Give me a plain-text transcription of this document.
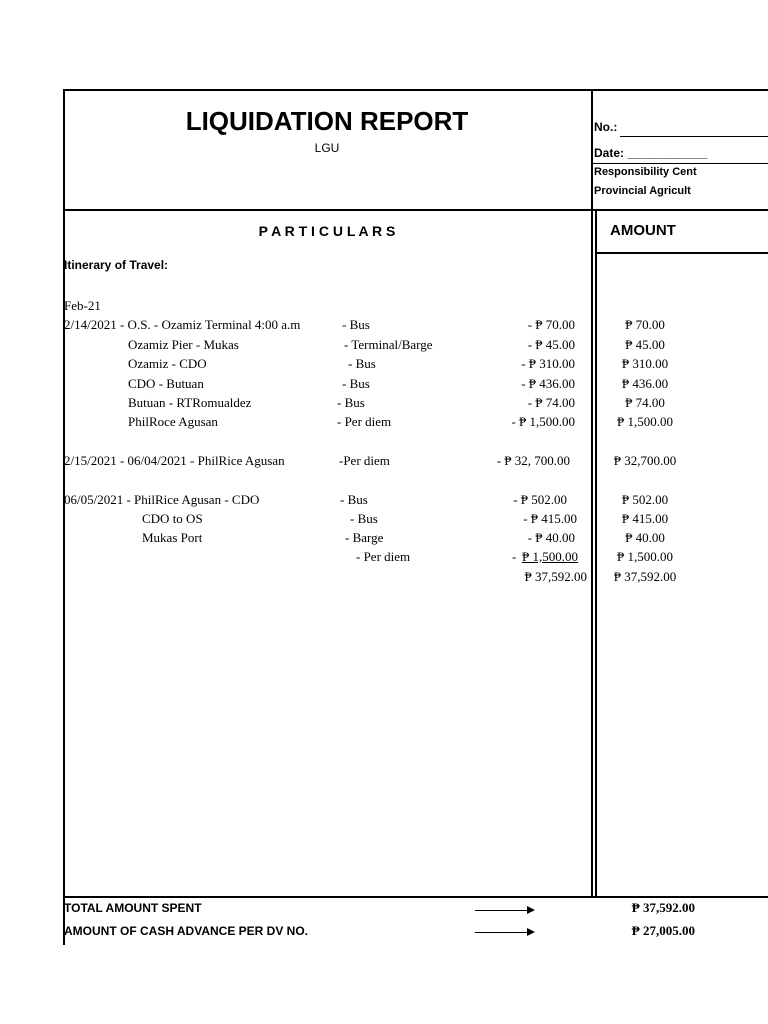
LIQUIDATION REPORT
LGU
No.:
Date: ____________
Responsibility Cent
Provincial Agricult
P A R T I C U L A R S	AMOUNT
Itinerary of Travel:
Feb-21
2/14/2021 - O.S. - Ozamiz Terminal 4:00 a.m	- Bus	- ₱ 70.00	₱ 70.00
Ozamiz Pier - Mukas	- Terminal/Barge	- ₱ 45.00	₱ 45.00
Ozamiz - CDO	- Bus	- ₱ 310.00	₱ 310.00
CDO - Butuan	- Bus	- ₱ 436.00	₱ 436.00
Butuan - RTRomualdez	- Bus	- ₱ 74.00	₱ 74.00
PhilRoce Agusan	- Per diem	- ₱ 1,500.00	₱ 1,500.00
2/15/2021 - 06/04/2021 - PhilRice Agusan	-Per diem	- ₱ 32, 700.00	₱ 32,700.00
06/05/2021 - PhilRice Agusan - CDO	- Bus	- ₱ 502.00	₱ 502.00
CDO to OS	- Bus	- ₱ 415.00	₱ 415.00
Mukas Port	- Barge	- ₱ 40.00	₱ 40.00
- Per diem	- ₱ 1,500.00	₱ 1,500.00
₱ 37,592.00	₱ 37,592.00
TOTAL AMOUNT SPENT	₱ 37,592.00
AMOUNT OF CASH ADVANCE PER DV NO.	₱ 27,005.00
